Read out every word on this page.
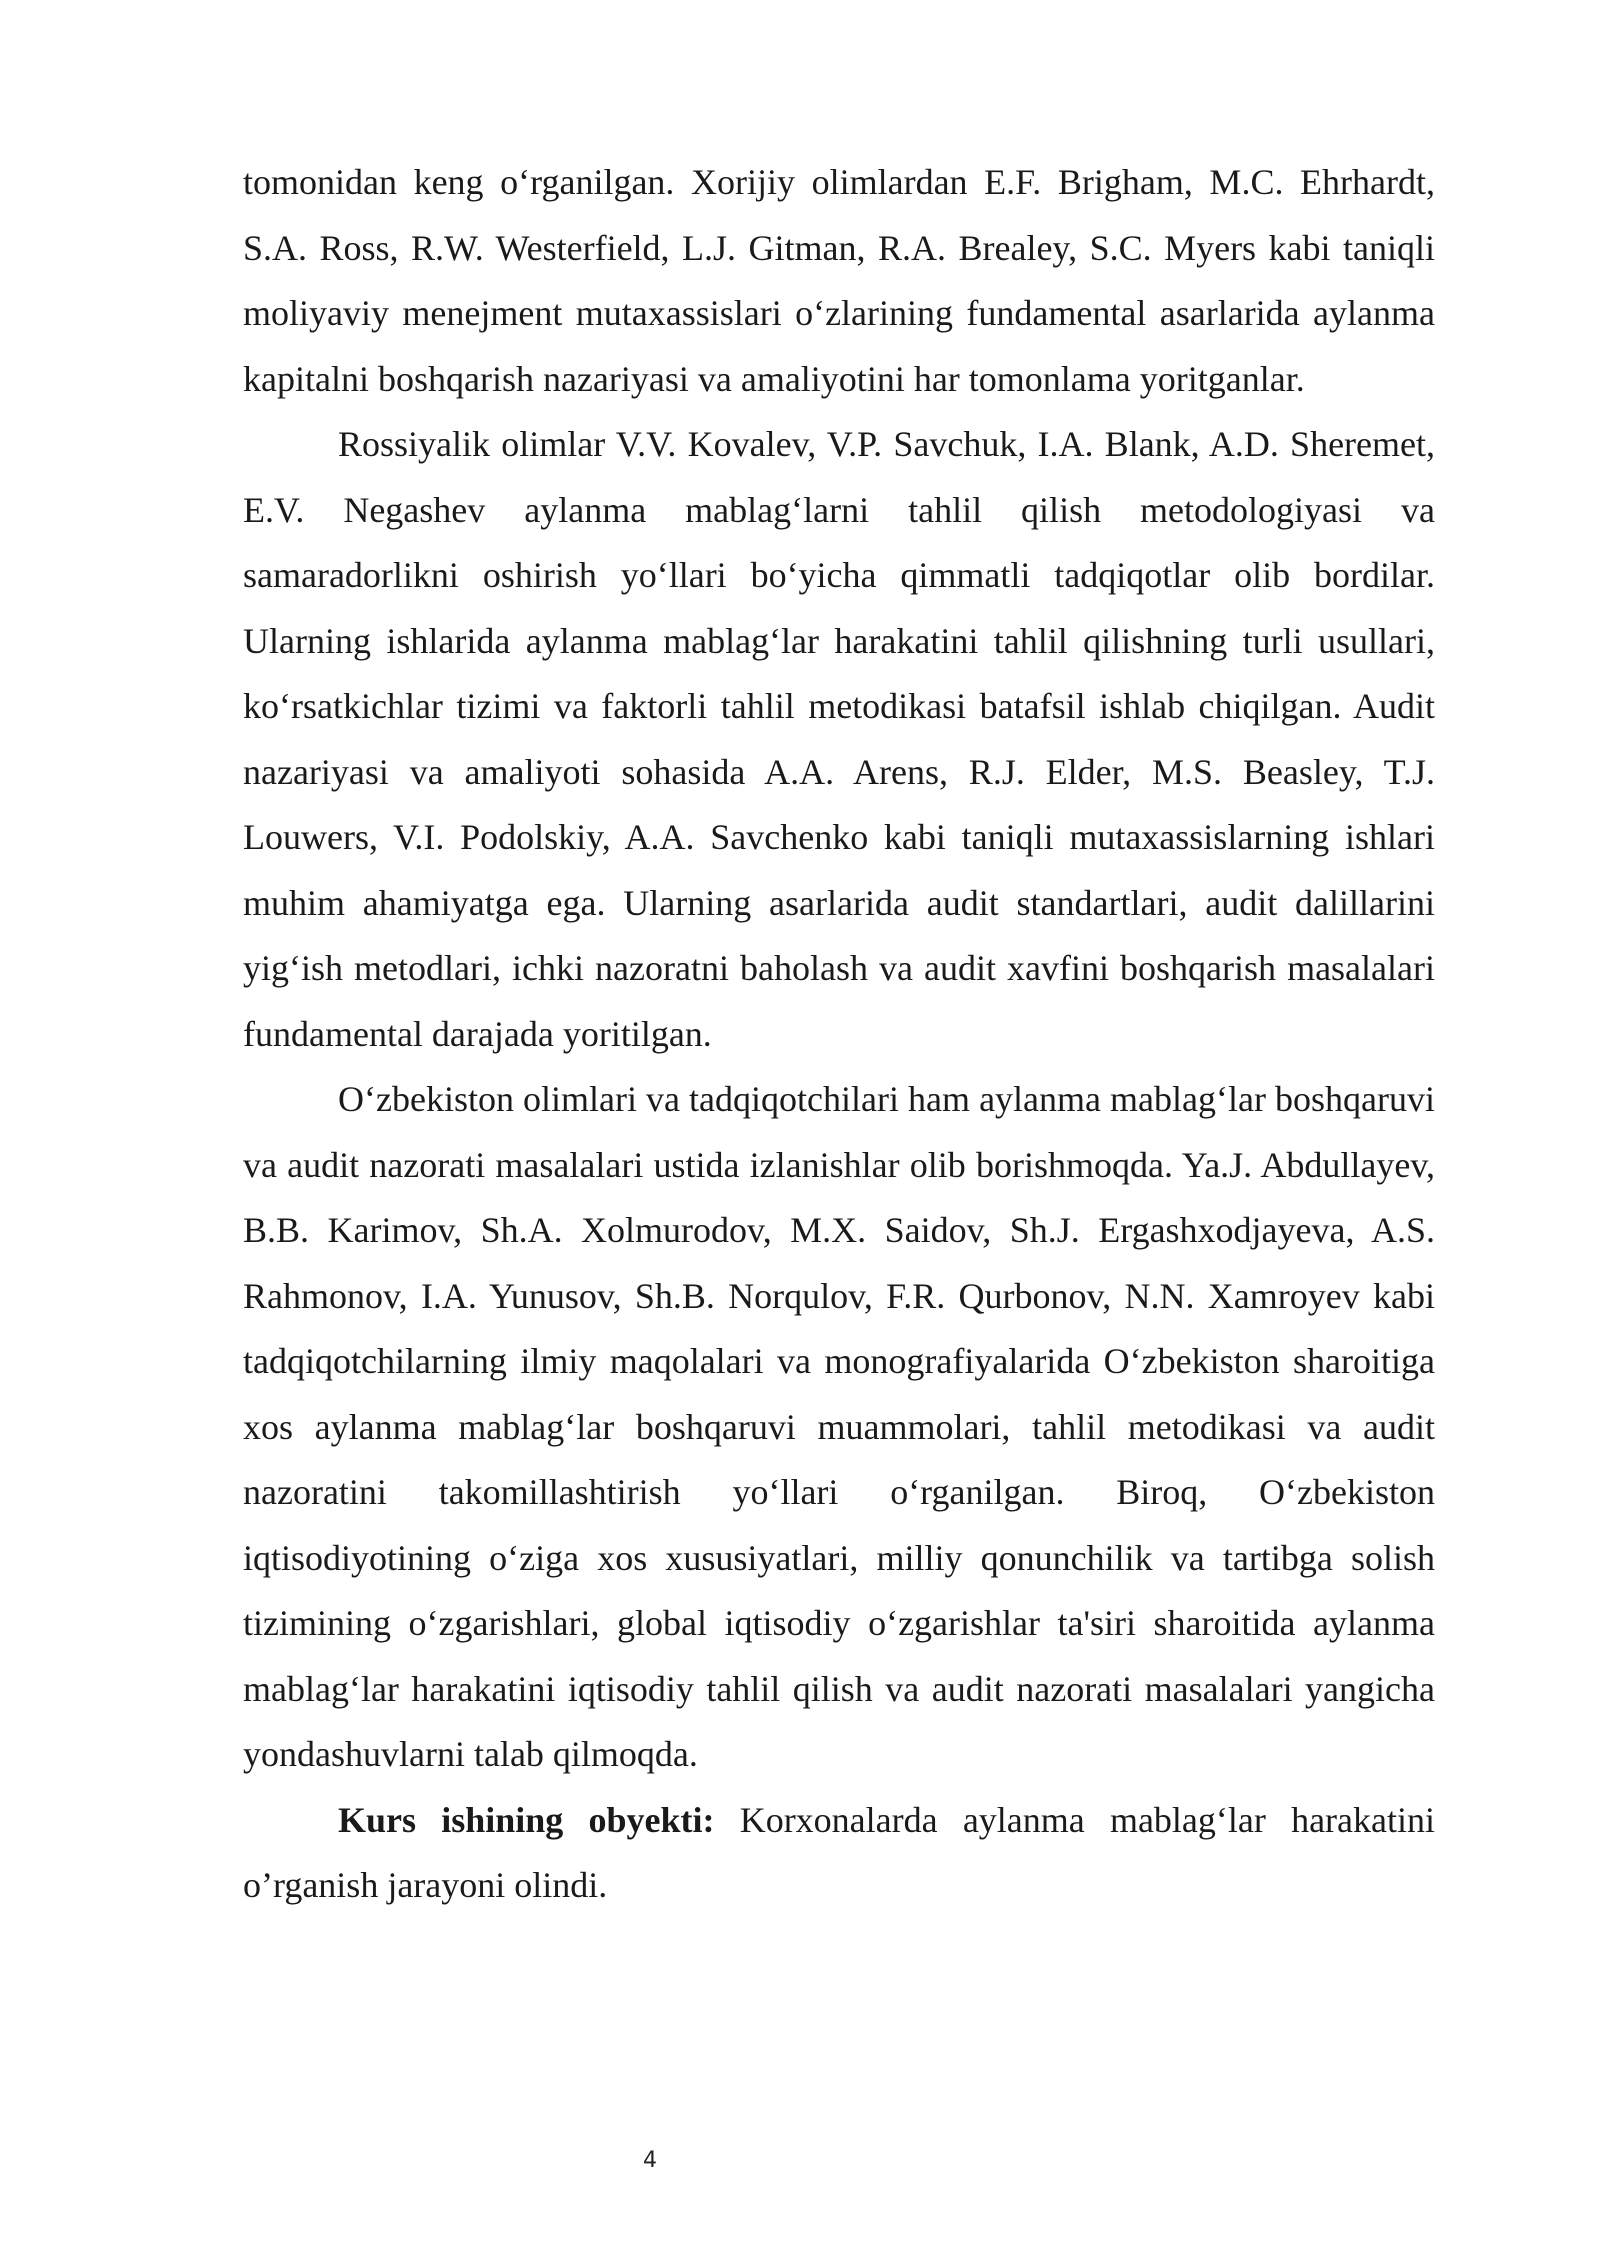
tomonidan keng o‘rganilgan. Xorijiy olimlardan E.F. Brigham, M.C. Ehrhardt, S.A. Ross, R.W. Westerfield, L.J. Gitman, R.A. Brealey, S.C. Myers kabi taniqli moliyaviy menejment mutaxassislari o‘zlarining fundamental asarlarida aylanma kapitalni boshqarish nazariyasi va amaliyotini har tomonlama yoritganlar.

Rossiyalik olimlar V.V. Kovalev, V.P. Savchuk, I.A. Blank, A.D. Sheremet, E.V. Negashev aylanma mablag‘larni tahlil qilish metodologiyasi va samaradorlikni oshirish yo‘llari bo‘yicha qimmatli tadqiqotlar olib bordilar. Ularning ishlarida aylanma mablag‘lar harakatini tahlil qilishning turli usullari, ko‘rsatkichlar tizimi va faktorli tahlil metodikasi batafsil ishlab chiqilgan. Audit nazariyasi va amaliyoti sohasida A.A. Arens, R.J. Elder, M.S. Beasley, T.J. Louwers, V.I. Podolskiy, A.A. Savchenko kabi taniqli mutaxassislarning ishlari muhim ahamiyatga ega. Ularning asarlarida audit standartlari, audit dalillarini yig‘ish metodlari, ichki nazoratni baholash va audit xavfini boshqarish masalalari fundamental darajada yoritilgan.

O‘zbekiston olimlari va tadqiqotchilari ham aylanma mablag‘lar boshqaruvi va audit nazorati masalalari ustida izlanishlar olib borishmoqda. Ya.J. Abdullayev, B.B. Karimov, Sh.A. Xolmurodov, M.X. Saidov, Sh.J. Ergashxodjayeva, A.S. Rahmonov, I.A. Yunusov, Sh.B. Norqulov, F.R. Qurbonov, N.N. Xamroyev kabi tadqiqotchilarning ilmiy maqolalari va monografiyalarida O‘zbekiston sharoitiga xos aylanma mablag‘lar boshqaruvi muammolari, tahlil metodikasi va audit nazoratini takomillashtirish yo‘llari o‘rganilgan. Biroq, O‘zbekiston iqtisodiyotining o‘ziga xos xususiyatlari, milliy qonunchilik va tartibga solish tizimining o‘zgarishlari, global iqtisodiy o‘zgarishlar ta'siri sharoitida aylanma mablag‘lar harakatini iqtisodiy tahlil qilish va audit nazorati masalalari yangicha yondashuvlarni talab qilmoqda.

Kurs ishining obyekti: Korxonalarda aylanma mablag‘lar harakatini o’rganish jarayoni olindi.

4
